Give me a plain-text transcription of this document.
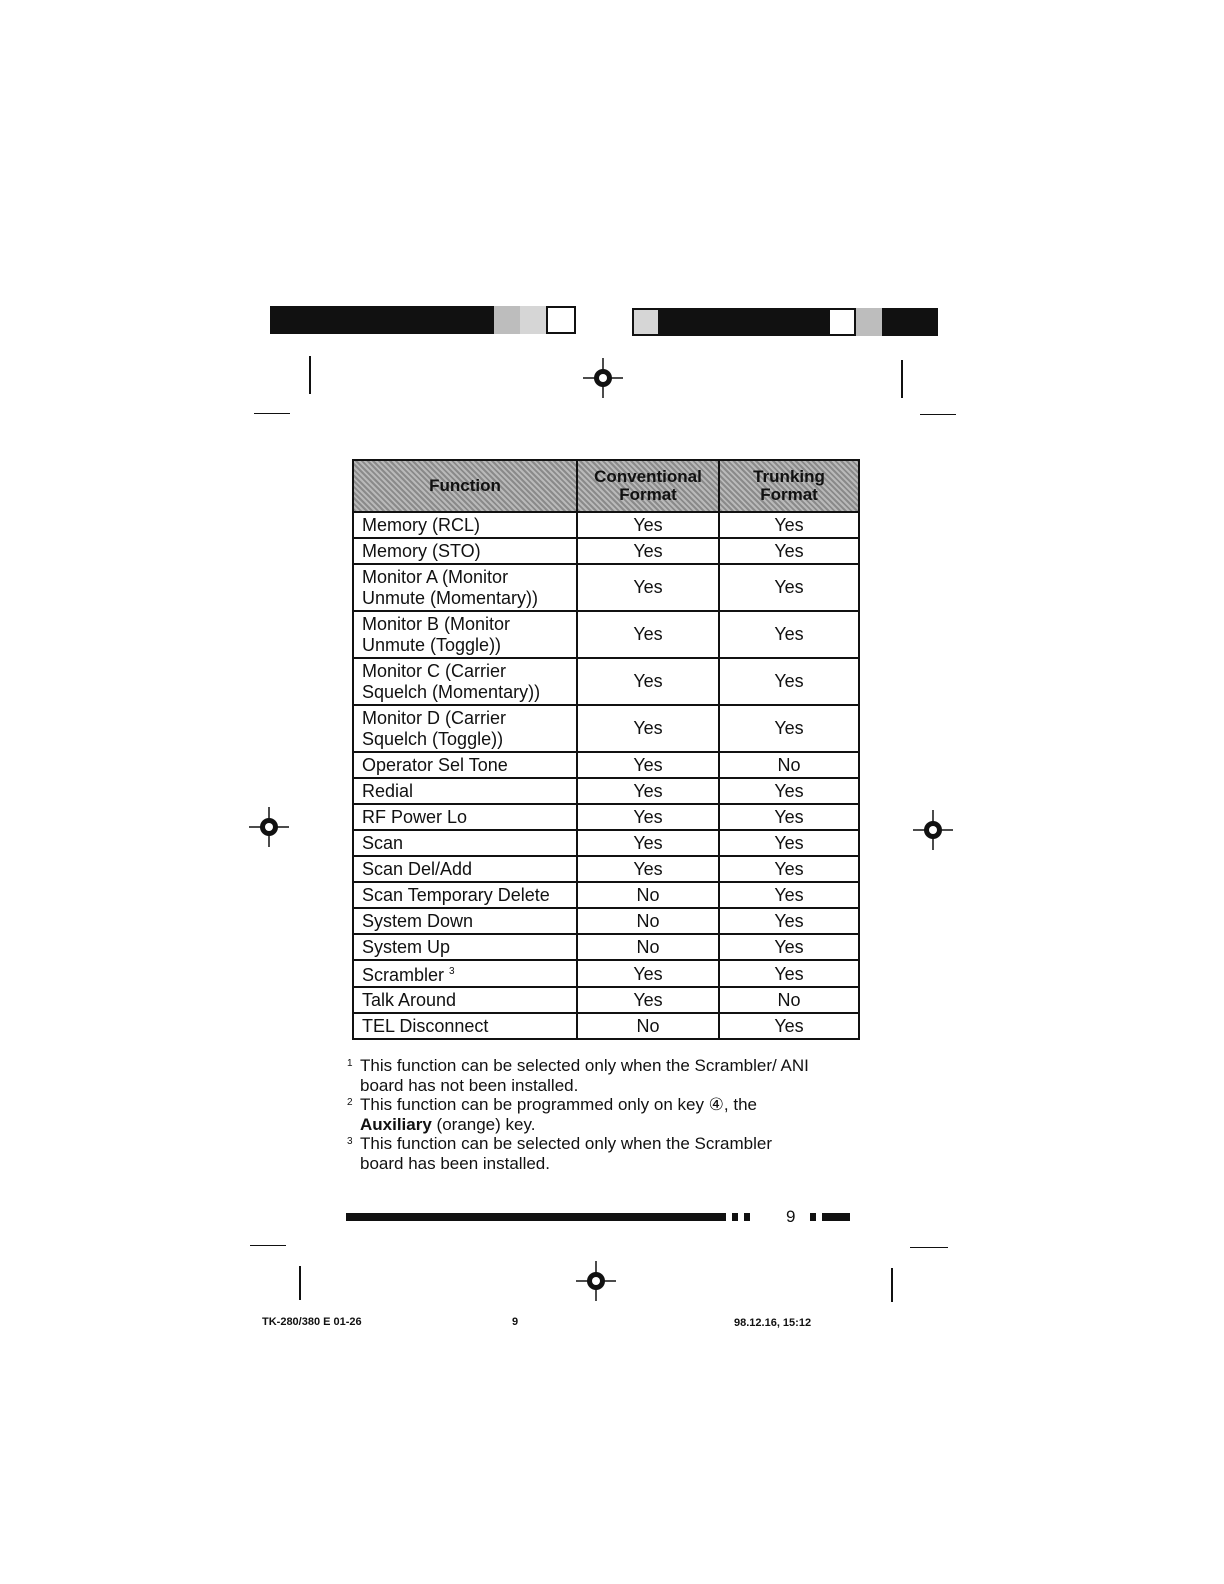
Function	Conventional Format	Trunking Format
Memory (RCL)	Yes	Yes
Memory (STO)	Yes	Yes
Monitor A (Monitor
Unmute (Momentary))	Yes	Yes
Monitor B (Monitor
Unmute (Toggle))	Yes	Yes
Monitor C (Carrier
Squelch (Momentary))	Yes	Yes
Monitor D (Carrier
Squelch (Toggle))	Yes	Yes
Operator Sel Tone	Yes	No
Redial	Yes	Yes
RF Power Lo	Yes	Yes
Scan	Yes	Yes
Scan Del/Add	Yes	Yes
Scan Temporary Delete	No	Yes
System Down	No	Yes
System Up	No	Yes
Scrambler $^3$	Yes	Yes
Talk Around	Yes	No
TEL Disconnect	No	Yes
1 This function can be selected only when the Scrambler/ ANI
board has not been installed.
2 This function can be programmed only on key ④, the
Auxiliary (orange) key.
3 This function can be selected only when the Scrambler
board has been installed.
9
TK-280/380 E 01-26	9	98.12.16, 15:12
